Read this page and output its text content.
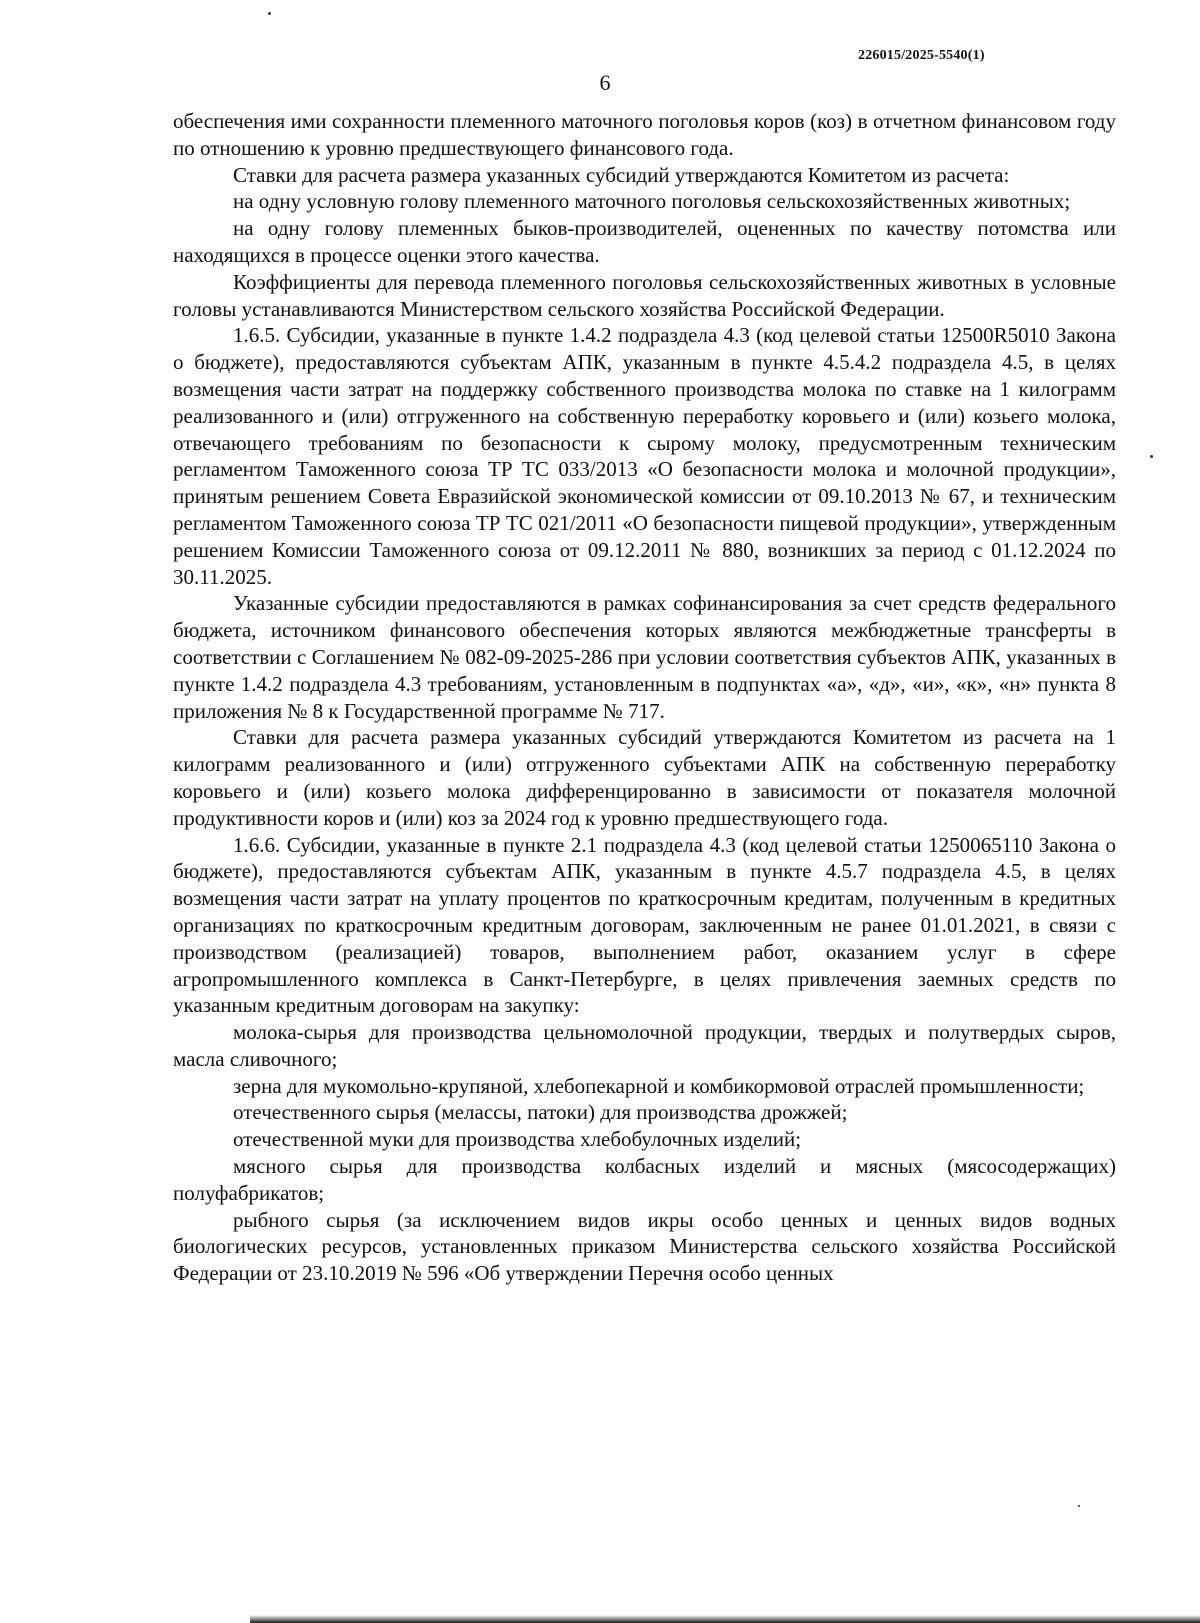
226015/2025-5540(1)
6

обеспечения ими сохранности племенного маточного поголовья коров (коз) в отчетном финансовом году по отношению к уровню предшествующего финансового года.

Ставки для расчета размера указанных субсидий утверждаются Комитетом из расчета:

на одну условную голову племенного маточного поголовья сельскохозяйственных животных;

на одну голову племенных быков-производителей, оцененных по качеству потомства или находящихся в процессе оценки этого качества.

Коэффициенты для перевода племенного поголовья сельскохозяйственных животных в условные головы устанавливаются Министерством сельского хозяйства Российской Федерации.

1.6.5. Субсидии, указанные в пункте 1.4.2 подраздела 4.3 (код целевой статьи 12500R5010 Закона о бюджете), предоставляются субъектам АПК, указанным в пункте 4.5.4.2 подраздела 4.5, в целях возмещения части затрат на поддержку собственного производства молока по ставке на 1 килограмм реализованного и (или) отгруженного на собственную переработку коровьего и (или) козьего молока, отвечающего требованиям по безопасности к сырому молоку, предусмотренным техническим регламентом Таможенного союза ТР ТС 033/2013 «О безопасности молока и молочной продукции», принятым решением Совета Евразийской экономической комиссии от 09.10.2013 № 67, и техническим регламентом Таможенного союза ТР ТС 021/2011 «О безопасности пищевой продукции», утвержденным решением Комиссии Таможенного союза от 09.12.2011 № 880, возникших за период с 01.12.2024 по 30.11.2025.

Указанные субсидии предоставляются в рамках софинансирования за счет средств федерального бюджета, источником финансового обеспечения которых являются межбюджетные трансферты в соответствии с Соглашением № 082-09-2025-286 при условии соответствия субъектов АПК, указанных в пункте 1.4.2 подраздела 4.3 требованиям, установленным в подпунктах «а», «д», «и», «к», «н» пункта 8 приложения № 8 к Государственной программе № 717.

Ставки для расчета размера указанных субсидий утверждаются Комитетом из расчета на 1 килограмм реализованного и (или) отгруженного субъектами АПК на собственную переработку коровьего и (или) козьего молока дифференцированно в зависимости от показателя молочной продуктивности коров и (или) коз за 2024 год к уровню предшествующего года.

1.6.6. Субсидии, указанные в пункте 2.1 подраздела 4.3 (код целевой статьи 1250065110 Закона о бюджете), предоставляются субъектам АПК, указанным в пункте 4.5.7 подраздела 4.5, в целях возмещения части затрат на уплату процентов по краткосрочным кредитам, полученным в кредитных организациях по краткосрочным кредитным договорам, заключенным не ранее 01.01.2021, в связи с производством (реализацией) товаров, выполнением работ, оказанием услуг в сфере агропромышленного комплекса в Санкт-Петербурге, в целях привлечения заемных средств по указанным кредитным договорам на закупку:

молока-сырья для производства цельномолочной продукции, твердых и полутвердых сыров, масла сливочного;

зерна для мукомольно-крупяной, хлебопекарной и комбикормовой отраслей промышленности;

отечественного сырья (мелассы, патоки) для производства дрожжей;

отечественной муки для производства хлебобулочных изделий;

мясного сырья для производства колбасных изделий и мясных (мясосодержащих) полуфабрикатов;

рыбного сырья (за исключением видов икры особо ценных и ценных видов водных биологических ресурсов, установленных приказом Министерства сельского хозяйства Российской Федерации от 23.10.2019 № 596 «Об утверждении Перечня особо ценных
